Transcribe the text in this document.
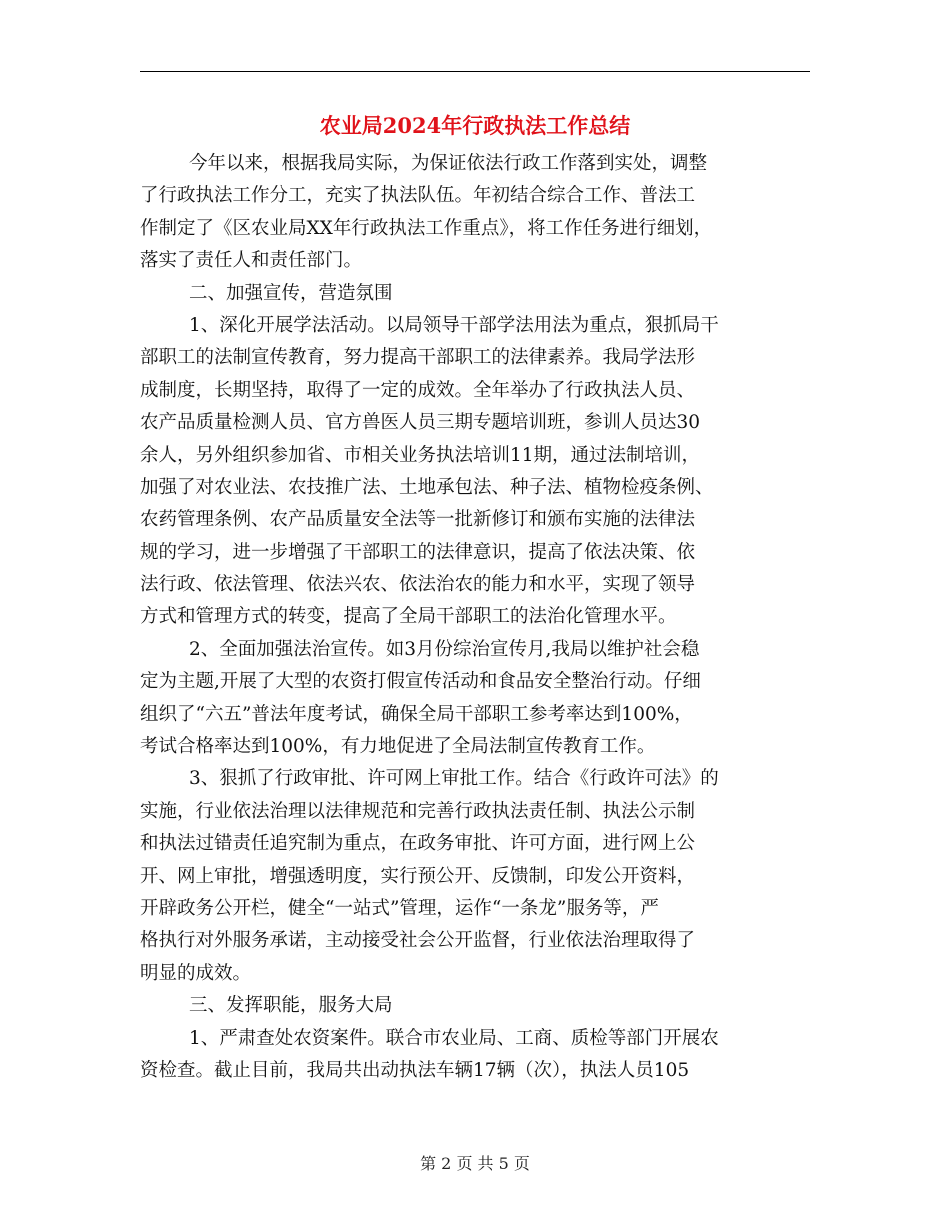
农业局2024年行政执法工作总结
今年以来，根据我局实际，为保证依法行政工作落到实处，调整
了行政执法工作分工，充实了执法队伍。年初结合综合工作、普法工
作制定了《区农业局XX年行政执法工作重点》，将工作任务进行细划，
落实了责任人和责任部门。
二、加强宣传，营造氛围
1、深化开展学法活动。以局领导干部学法用法为重点，狠抓局干
部职工的法制宣传教育，努力提高干部职工的法律素养。我局学法形
成制度，长期坚持，取得了一定的成效。全年举办了行政执法人员、
农产品质量检测人员、官方兽医人员三期专题培训班，参训人员达30
余人，另外组织参加省、市相关业务执法培训11期，通过法制培训，
加强了对农业法、农技推广法、土地承包法、种子法、植物检疫条例、
农药管理条例、农产品质量安全法等一批新修订和颁布实施的法律法
规的学习，进一步增强了干部职工的法律意识，提高了依法决策、依
法行政、依法管理、依法兴农、依法治农的能力和水平，实现了领导
方式和管理方式的转变，提高了全局干部职工的法治化管理水平。
2、全面加强法治宣传。如3月份综治宣传月,我局以维护社会稳
定为主题,开展了大型的农资打假宣传活动和食品安全整治行动。仔细
组织了“六五”普法年度考试，确保全局干部职工参考率达到100%，
考试合格率达到100%，有力地促进了全局法制宣传教育工作。
3、狠抓了行政审批、许可网上审批工作。结合《行政许可法》的
实施，行业依法治理以法律规范和完善行政执法责任制、执法公示制
和执法过错责任追究制为重点，在政务审批、许可方面，进行网上公
开、网上审批，增强透明度，实行预公开、反馈制，印发公开资料，
开辟政务公开栏，健全“一站式”管理，运作“一条龙”服务等，严
格执行对外服务承诺，主动接受社会公开监督，行业依法治理取得了
明显的成效。
三、发挥职能，服务大局
1、严肃查处农资案件。联合市农业局、工商、质检等部门开展农
资检查。截止目前，我局共出动执法车辆17辆（次），执法人员105
第 2 页 共 5 页
